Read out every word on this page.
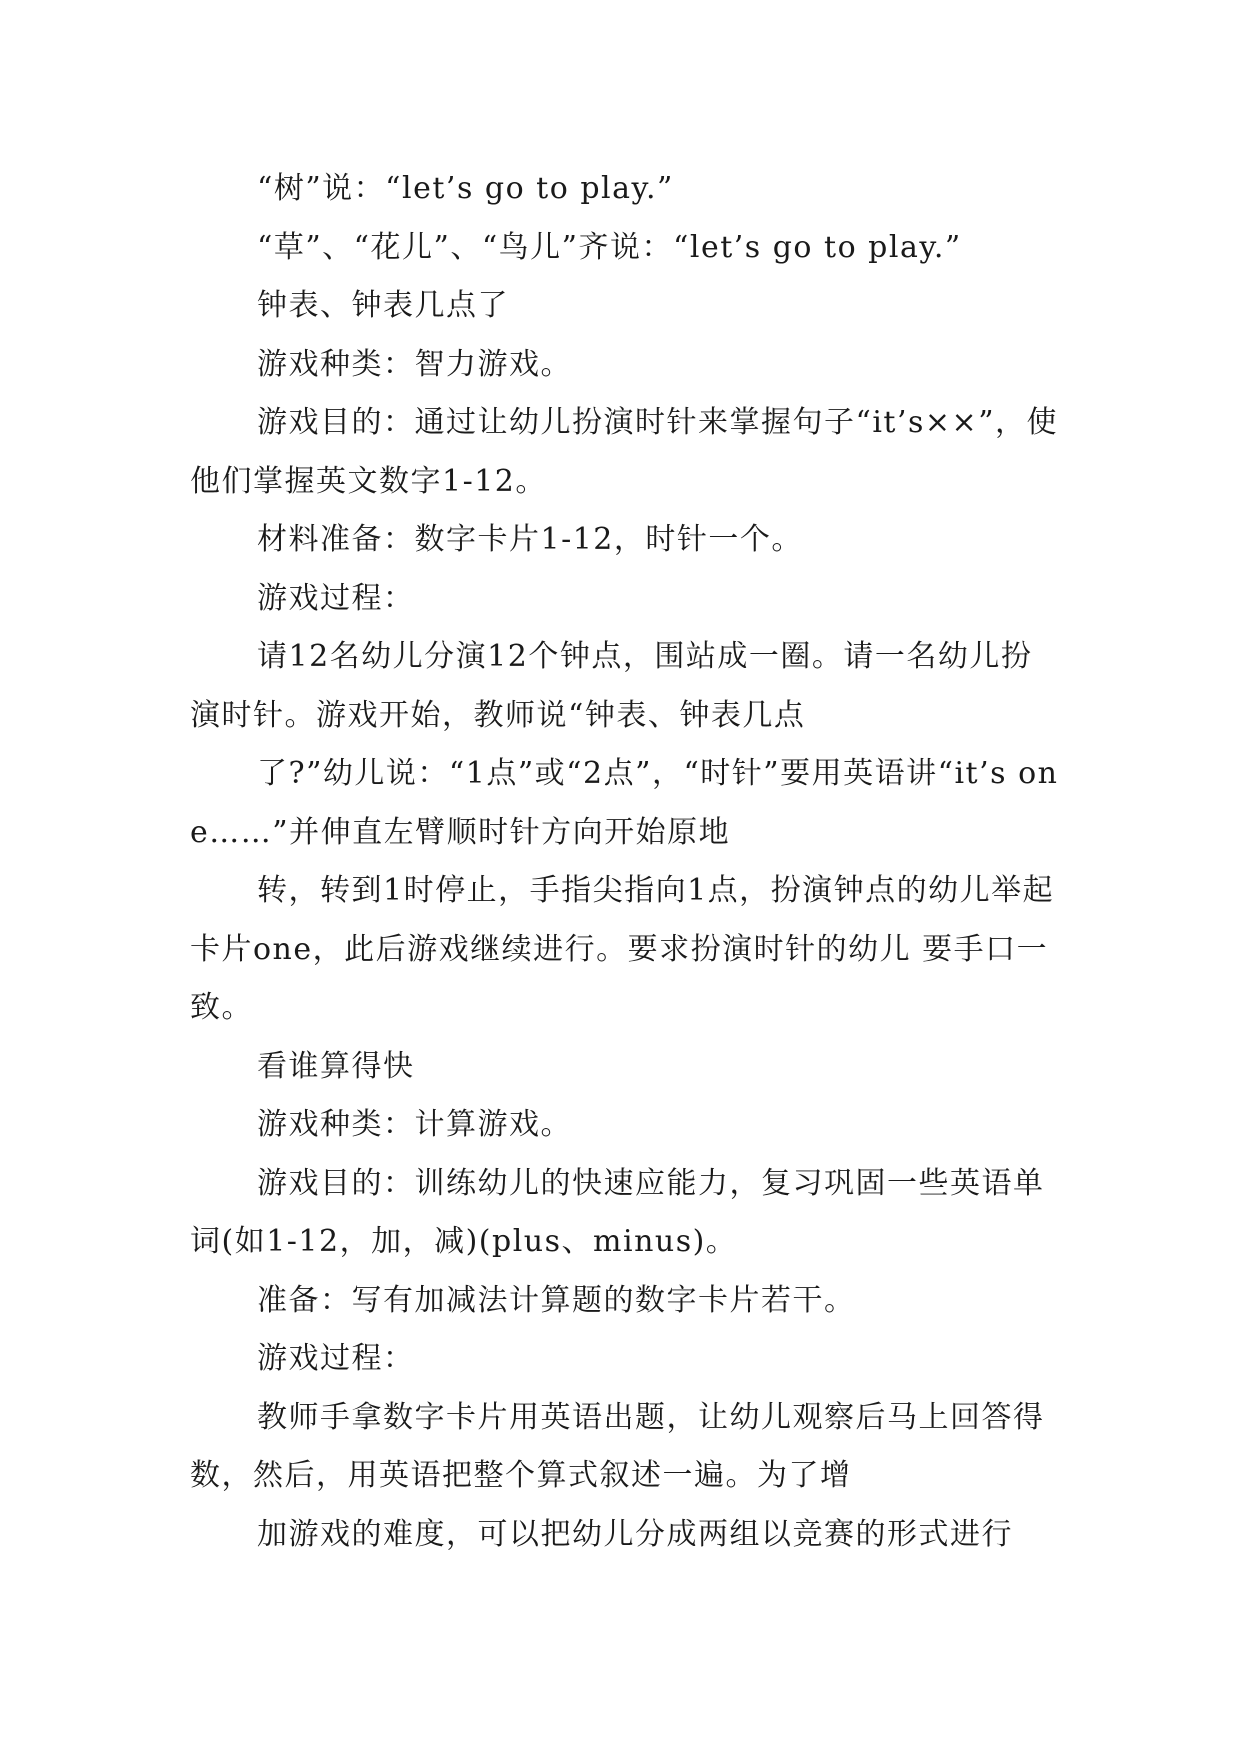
“树”说：“let’s go to play.”

“草”、“花儿”、“鸟儿”齐说：“let’s go to play.”

钟表、钟表几点了

游戏种类：智力游戏。

游戏目的：通过让幼儿扮演时针来掌握句子“it’s××”，使他们掌握英文数字1-12。

材料准备：数字卡片1-12，时针一个。

游戏过程：

请12名幼儿分演12个钟点，围站成一圈。请一名幼儿扮演时针。游戏开始，教师说“钟表、钟表几点

了?”幼儿说：“1点”或“2点”，“时针”要用英语讲“it’s one……”并伸直左臂顺时针方向开始原地

转，转到1时停止，手指尖指向1点，扮演钟点的幼儿举起卡片one，此后游戏继续进行。要求扮演时针的幼儿 要手口一致。

看谁算得快

游戏种类：计算游戏。

游戏目的：训练幼儿的快速应能力，复习巩固一些英语单词(如1-12，加，减)(plus、minus)。

准备：写有加减法计算题的数字卡片若干。

游戏过程：

教师手拿数字卡片用英语出题，让幼儿观察后马上回答得数，然后，用英语把整个算式叙述一遍。为了增

加游戏的难度，可以把幼儿分成两组以竞赛的形式进行
